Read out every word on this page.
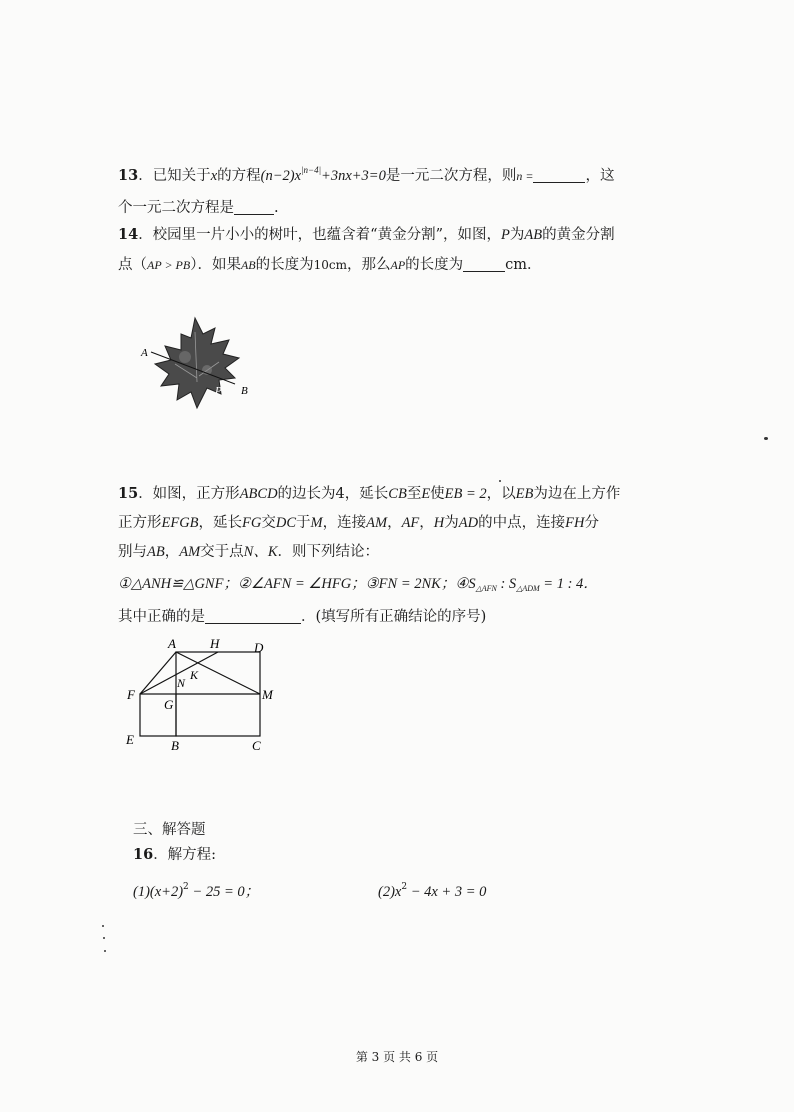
13．已知关于x的方程$(n-2)x^{|n-4|}+3nx+3=0$是一元二次方程，则n =	，这
个一元二次方程是	.
14．校园里一片小小的树叶，也蕴含着“黄金分割”，如图，P为AB的黄金分割
点（AP > PB）．如果AB的长度为10cm，那么AP的长度为	cm．
A
P B
15．如图，正方形ABCD的边长为4，延长CB至E使EB = 2，以EB为边在上方作
正方形EFGB，延长FG交DC于M，连接AM，AF，H为AD的中点，连接FH分
别与AB，AM交于点N、K．则下列结论：
①△ANH≌△GNF；②∠AFN = ∠HFG；③FN = 2NK；$④S_{\triangle AFN}$ : $S_{\triangle ADM} = 1$ : 4．
其中正确的是	．(填写所有正确结论的序号)
A	H	D
N
K
F
G
M
E	B	C
三、解答题
16．解方程:
$(1)(x+2)^2 - 25 = 0$；	$(2)x^2 - 4x + 3 = 0$
第 3 页 共 6 页
